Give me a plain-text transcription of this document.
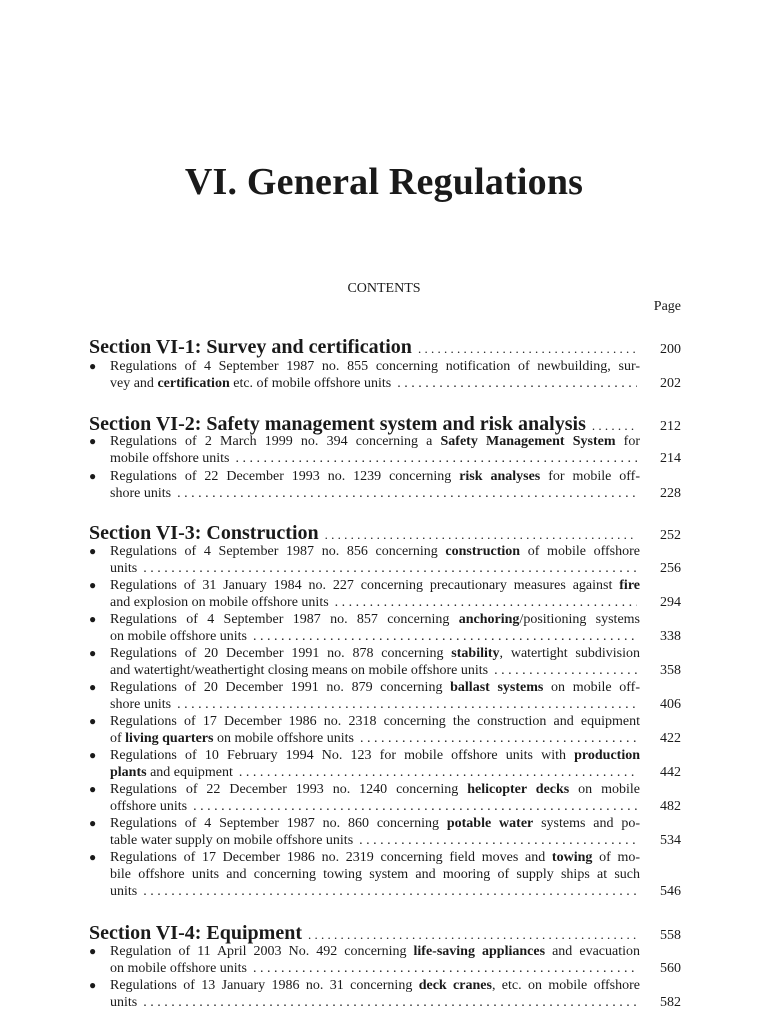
VI. General Regulations
CONTENTS
Page
Section VI-1: Survey and certification . . .	200
● Regulations of 4 September 1987 no. 855 concerning notification of newbuilding, sur-
vey and certification etc. of mobile offshore units . . .	202
Section VI-2: Safety management system and risk analysis . . .	212
● Regulations of 2 March 1999 no. 394 concerning a Safety Management System for
mobile offshore units . . .	214
● Regulations of 22 December 1993 no. 1239 concerning risk analyses for mobile off-
shore units . . .	228
Section VI-3: Construction . . .	252
● Regulations of 4 September 1987 no. 856 concerning construction of mobile offshore
units . . .	256
● Regulations of 31 January 1984 no. 227 concerning precautionary measures against fire
and explosion on mobile offshore units . . .	294
● Regulations of 4 September 1987 no. 857 concerning anchoring/positioning systems
on mobile offshore units . . .	338
● Regulations of 20 December 1991 no. 878 concerning stability, watertight subdivision
and watertight/weathertight closing means on mobile offshore units . . .	358
● Regulations of 20 December 1991 no. 879 concerning ballast systems on mobile off-
shore units . . .	406
● Regulations of 17 December 1986 no. 2318 concerning the construction and equipment
of living quarters on mobile offshore units . . .	422
● Regulations of 10 February 1994 No. 123 for mobile offshore units with production
plants and equipment . . .	442
● Regulations of 22 December 1993 no. 1240 concerning helicopter decks on mobile
offshore units . . .	482
● Regulations of 4 September 1987 no. 860 concerning potable water systems and po-
table water supply on mobile offshore units . . .	534
● Regulations of 17 December 1986 no. 2319 concerning field moves and towing of mo-
bile offshore units and concerning towing system and mooring of supply ships at such
units . . .	546
Section VI-4: Equipment . . .	558
● Regulation of 11 April 2003 No. 492 concerning life-saving appliances and evacuation
on mobile offshore units . . .	560
● Regulations of 13 January 1986 no. 31 concerning deck cranes, etc. on mobile offshore
units . . .	582
